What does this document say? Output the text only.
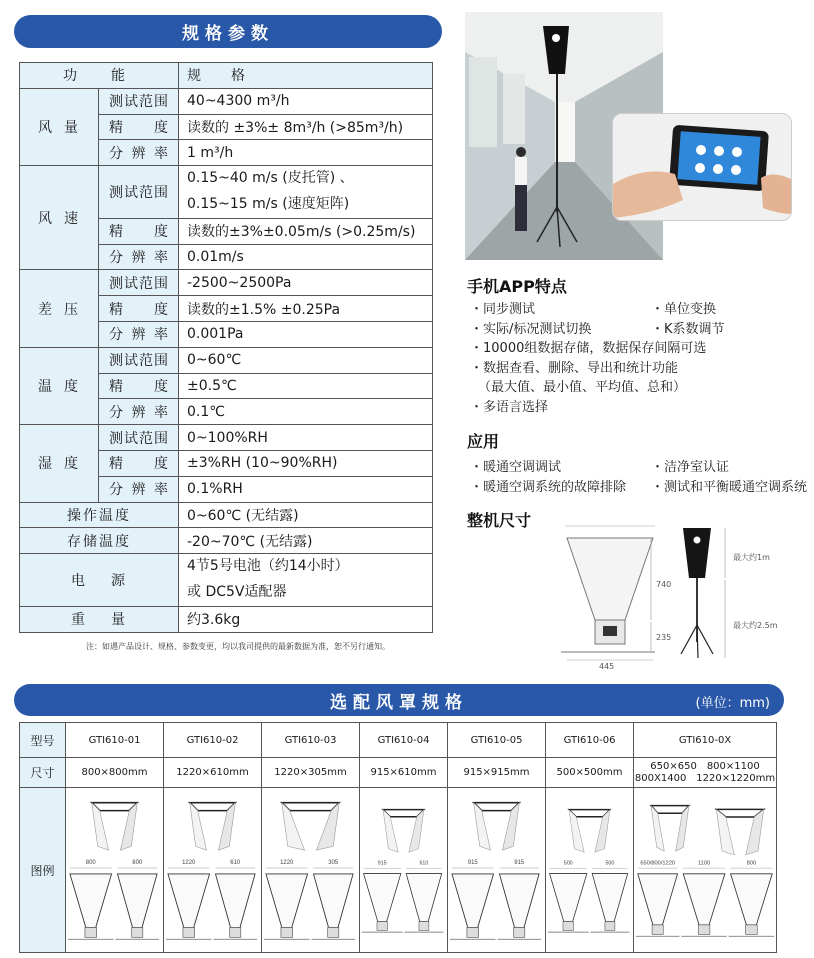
规格参数
功　能		规　格
风量	测试范围	40~4300 m³/h
	精度	读数的 ±3%± 8m³/h (>85m³/h)
	分辨率	1 m³/h
风速	测试范围	0.15~40 m/s (皮托管) 、
0.15~15 m/s (速度矩阵)

	精度	读数的±3%±0.05m/s (>0.25m/s)
	分辨率	0.01m/s
差压	测试范围	-2500~2500Pa
	精度	读数的±1.5% ±0.25Pa
	分辨率	0.001Pa
温度	测试范围	0~60℃
	精度	±0.5℃
	分辨率	0.1℃
湿度	测试范围	0~100%RH
	精度	±3%RH (10~90%RH)
	分辨率	0.1%RH
操作温度		0~60℃ (无结露)
存储温度		-20~70℃ (无结露)
电源		4节5号电池（约14小时）
或 DC5V适配器

重量		约3.6kg
注：如遇产品设计、规格、参数变更，均以我司提供的最新数据为准，恕不另行通知。
手机APP特点
・同步测试
・实际/标况测试切换
・10000组数据存储，数据保存间隔可选
・数据查看、删除、导出和统计功能
（最大值、最小值、平均值、总和）
・多语言选择
・单位变换
・K系数调节
应用
・暖通空调调试	・洁净室认证
・暖通空调系统的故障排除 ・测试和平衡暖通空调系统
整机尺寸
740
235
445
最大约1m
最大约2.5m
选配风罩规格	(单位：mm)
型号	GTI610-01	GTI610-02	GTI610-03	GTI610-04	GTI610-05	GTI610-06	GTI610-0X
尺寸	800×800mm	1220×610mm	1220×305mm	915×610mm	915×915mm	500×500mm	650×650　800×1100
800X1400　1220×1220mm

图例	800 800	1220 610	1220 305	915 610	915 915	500 500	650/800/1220 1100 800
